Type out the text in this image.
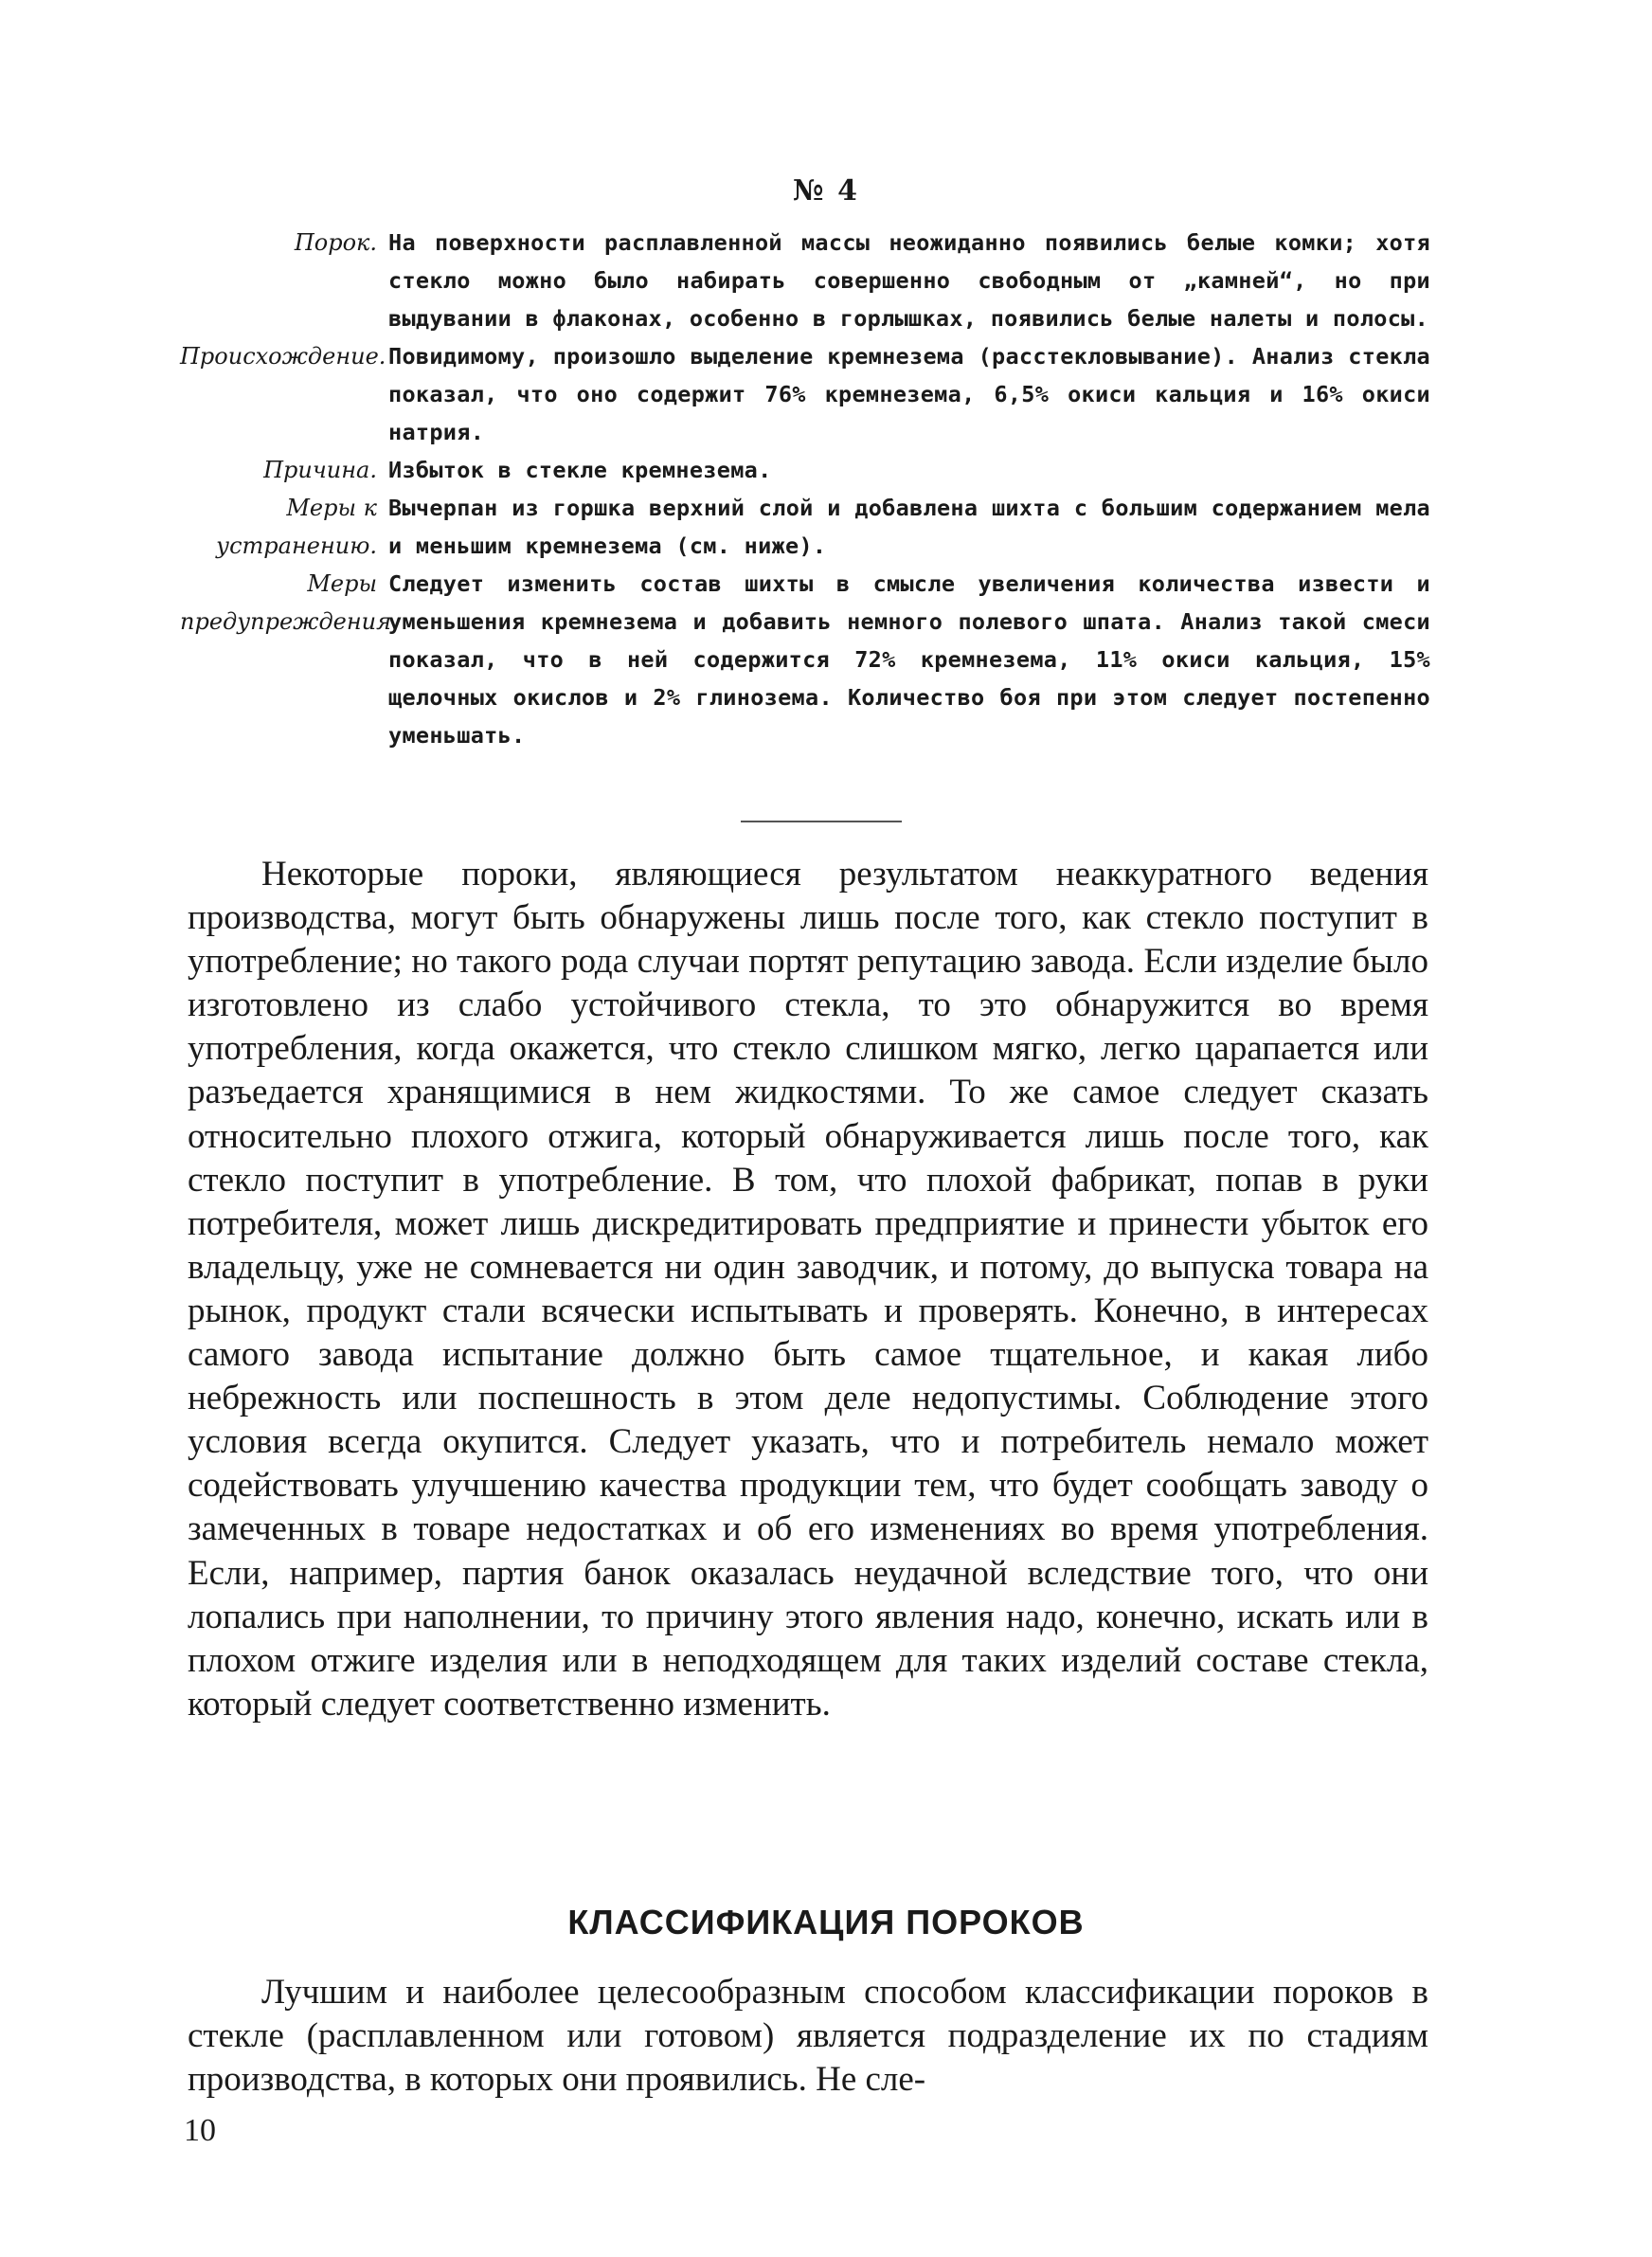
№ 4
Порок. На поверхности расплавленной массы неожиданно появились белые комки; хотя стекло можно было набирать совершенно свободным от „камней“, но при выдувании в флаконах, особенно в горлышках, появились белые налеты и полосы.
Происхождение. Повидимому, произошло выделение кремнезема (расстекловывание). Анализ стекла показал, что оно содержит 76% кремнезема, 6,5% окиси кальция и 16% окиси натрия.
Причина. Избыток в стекле кремнезема.
Меры к устранению.
Вычерпан из горшка верхний слой и добавлена шихта с большим содержанием мела и меньшим кремнезема (см. ниже).
Меры предупреждения.
Следует изменить состав шихты в смысле увеличения количества извести и уменьшения кремнезема и добавить немного полевого шпата. Анализ такой смеси показал, что в ней содержится 72% кремнезема, 11% окиси кальция, 15% щелочных окислов и 2% глинозема. Количество боя при этом следует постепенно уменьшать.

Некоторые пороки, являющиеся результатом неаккуратного ведения производства, могут быть обнаружены лишь после того, как стекло поступит в употребление; но такого рода случаи портят репутацию завода. Если изделие было изготовлено из слабо устойчивого стекла, то это обнаружится во время употребления, когда окажется, что стекло слишком мягко, легко царапается или разъедается хранящимися в нем жидкостями. То же самое следует сказать относительно плохого отжига, который обнаруживается лишь после того, как стекло поступит в употребление. В том, что плохой фабрикат, попав в руки потребителя, может лишь дискредитировать предприятие и принести убыток его владельцу, уже не сомневается ни один заводчик, и потому, до выпуска товара на рынок, продукт стали всячески испытывать и проверять. Конечно, в интересах самого завода испытание должно быть самое тщательное, и какая либо небрежность или поспешность в этом деле недопустимы. Соблюдение этого условия всегда окупится. Следует указать, что и потребитель немало может содействовать улучшению качества продукции тем, что будет сообщать заводу о замеченных в товаре недостатках и об его изменениях во время употребления. Если, например, партия банок оказалась неудачной вследствие того, что они лопались при наполнении, то причину этого явления надо, конечно, искать или в плохом отжиге изделия или в неподходящем для таких изделий составе стекла, который следует соответственно изменить.

КЛАССИФИКАЦИЯ ПОРОКОВ

Лучшим и наиболее целесообразным способом классификации пороков в стекле (расплавленном или готовом) является подразделение их по стадиям производства, в которых они проявились. Не сле-

10
